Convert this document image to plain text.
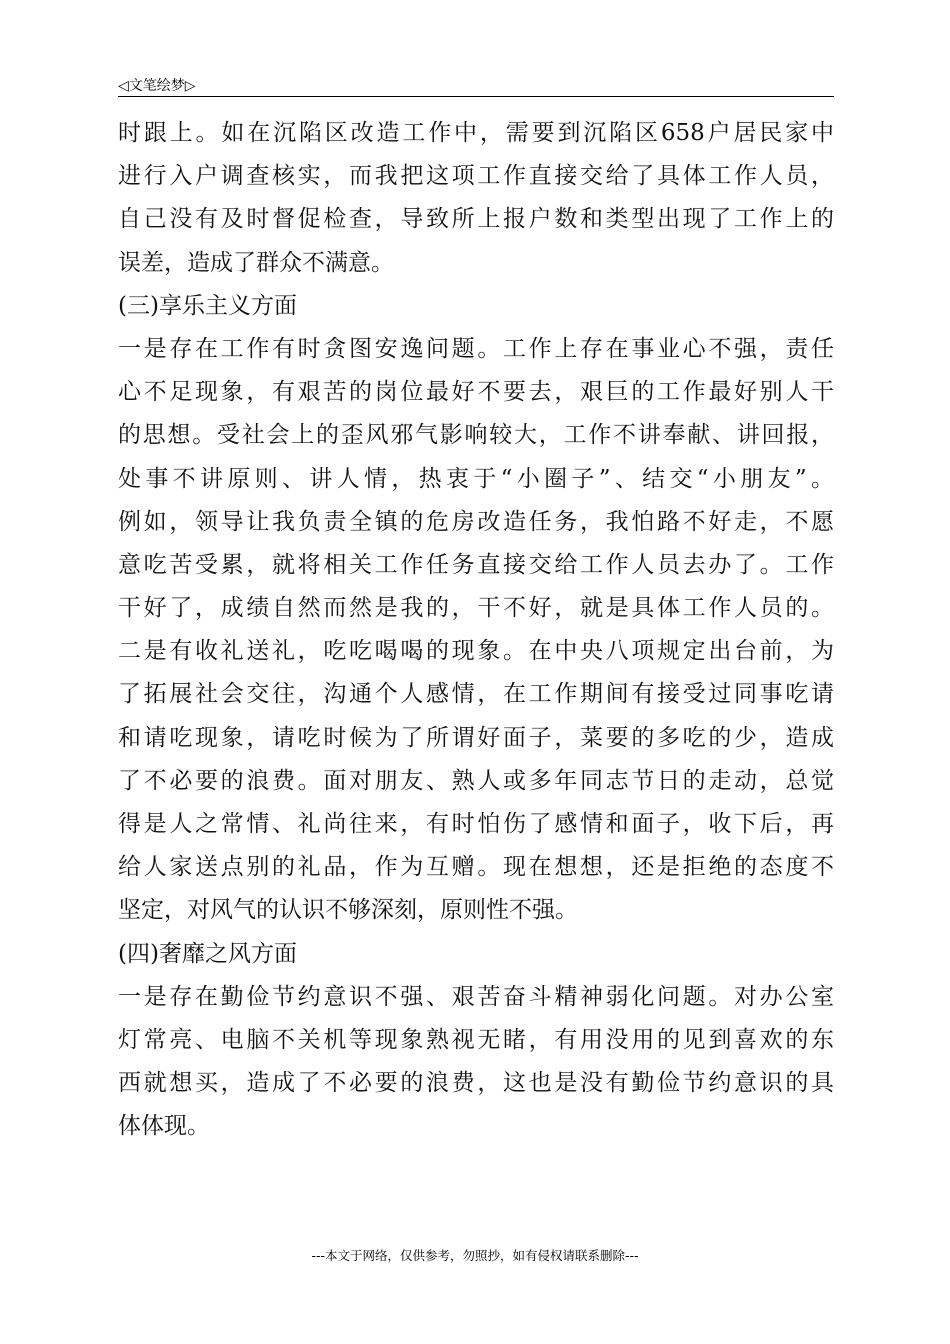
◁文笔绘梦▷
时跟上。如在沉陷区改造工作中，需要到沉陷区658户居民家中
进行入户调查核实，而我把这项工作直接交给了具体工作人员，
自己没有及时督促检查，导致所上报户数和类型出现了工作上的
误差，造成了群众不满意。
(三)享乐主义方面
一是存在工作有时贪图安逸问题。工作上存在事业心不强，责任
心不足现象，有艰苦的岗位最好不要去，艰巨的工作最好别人干
的思想。受社会上的歪风邪气影响较大，工作不讲奉献、讲回报，
处事不讲原则、讲人情，热衷于“小圈子”、结交“小朋友”。
例如，领导让我负责全镇的危房改造任务，我怕路不好走，不愿
意吃苦受累，就将相关工作任务直接交给工作人员去办了。工作
干好了，成绩自然而然是我的，干不好，就是具体工作人员的。
二是有收礼送礼，吃吃喝喝的现象。在中央八项规定出台前，为
了拓展社会交往，沟通个人感情，在工作期间有接受过同事吃请
和请吃现象，请吃时候为了所谓好面子，菜要的多吃的少，造成
了不必要的浪费。面对朋友、熟人或多年同志节日的走动，总觉
得是人之常情、礼尚往来，有时怕伤了感情和面子，收下后，再
给人家送点别的礼品，作为互赠。现在想想，还是拒绝的态度不
坚定，对风气的认识不够深刻，原则性不强。
(四)奢靡之风方面
一是存在勤俭节约意识不强、艰苦奋斗精神弱化问题。对办公室
灯常亮、电脑不关机等现象熟视无睹，有用没用的见到喜欢的东
西就想买，造成了不必要的浪费，这也是没有勤俭节约意识的具
体体现。
---本文于网络，仅供参考，勿照抄，如有侵权请联系删除---
